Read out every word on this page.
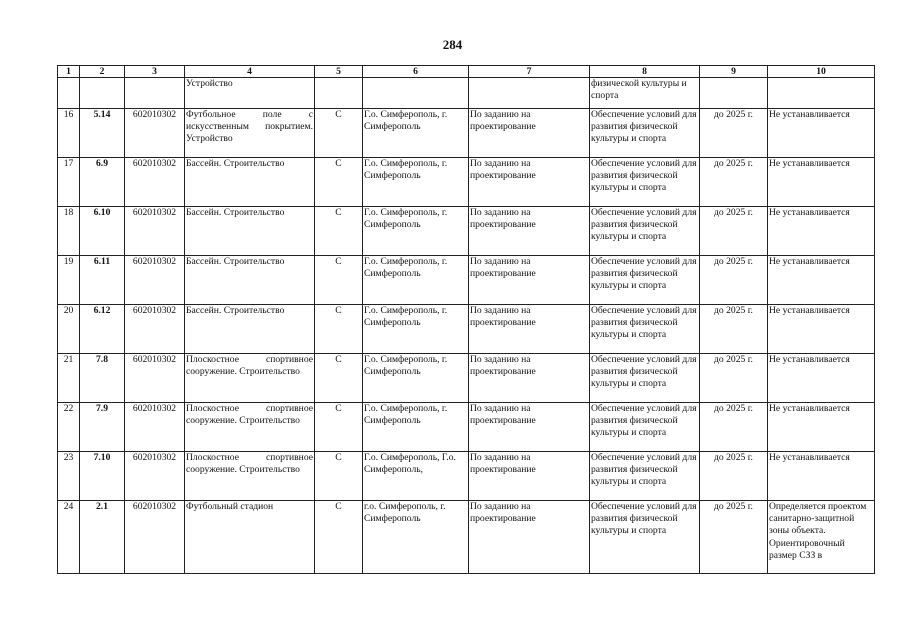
284
1	2	3	4	5	6	7	8	9	10
			Устройство				физической культуры и спорта		
16	5.14	602010302	Футбольное поле с искусственным покрытием. Устройство	С	Г.о. Симферополь, г. Симферополь	По заданию на проектирование	Обеспечение условий для развития физической культуры и спорта	до 2025 г.	Не устанавливается
17	6.9	602010302	Бассейн. Строительство	С	Г.о. Симферополь, г. Симферополь	По заданию на проектирование	Обеспечение условий для развития физической культуры и спорта	до 2025 г.	Не устанавливается
18	6.10	602010302	Бассейн. Строительство	С	Г.о. Симферополь, г. Симферополь	По заданию на проектирование	Обеспечение условий для развития физической культуры и спорта	до 2025 г.	Не устанавливается
19	6.11	602010302	Бассейн. Строительство	С	Г.о. Симферополь, г. Симферополь	По заданию на проектирование	Обеспечение условий для развития физической культуры и спорта	до 2025 г.	Не устанавливается
20	6.12	602010302	Бассейн. Строительство	С	Г.о. Симферополь, г. Симферополь	По заданию на проектирование	Обеспечение условий для развития физической культуры и спорта	до 2025 г.	Не устанавливается
21	7.8	602010302	Плоскостное спортивное сооружение. Строительство	С	Г.о. Симферополь, г. Симферополь	По заданию на проектирование	Обеспечение условий для развития физической культуры и спорта	до 2025 г.	Не устанавливается
22	7.9	602010302	Плоскостное спортивное сооружение. Строительство	С	Г.о. Симферополь, г. Симферополь	По заданию на проектирование	Обеспечение условий для развития физической культуры и спорта	до 2025 г.	Не устанавливается
23	7.10	602010302	Плоскостное спортивное сооружение. Строительство	С	Г.о. Симферополь, Г.о. Симферополь,	По заданию на проектирование	Обеспечение условий для развития физической культуры и спорта	до 2025 г.	Не устанавливается
24	2.1	602010302	Футбольный стадион	С	г.о. Симферополь, г. Симферополь	По заданию на проектирование	Обеспечение условий для развития физической культуры и спорта	до 2025 г.	Определяется проектом санитарно-защитной зоны объекта. Ориентировочный размер СЗЗ в
